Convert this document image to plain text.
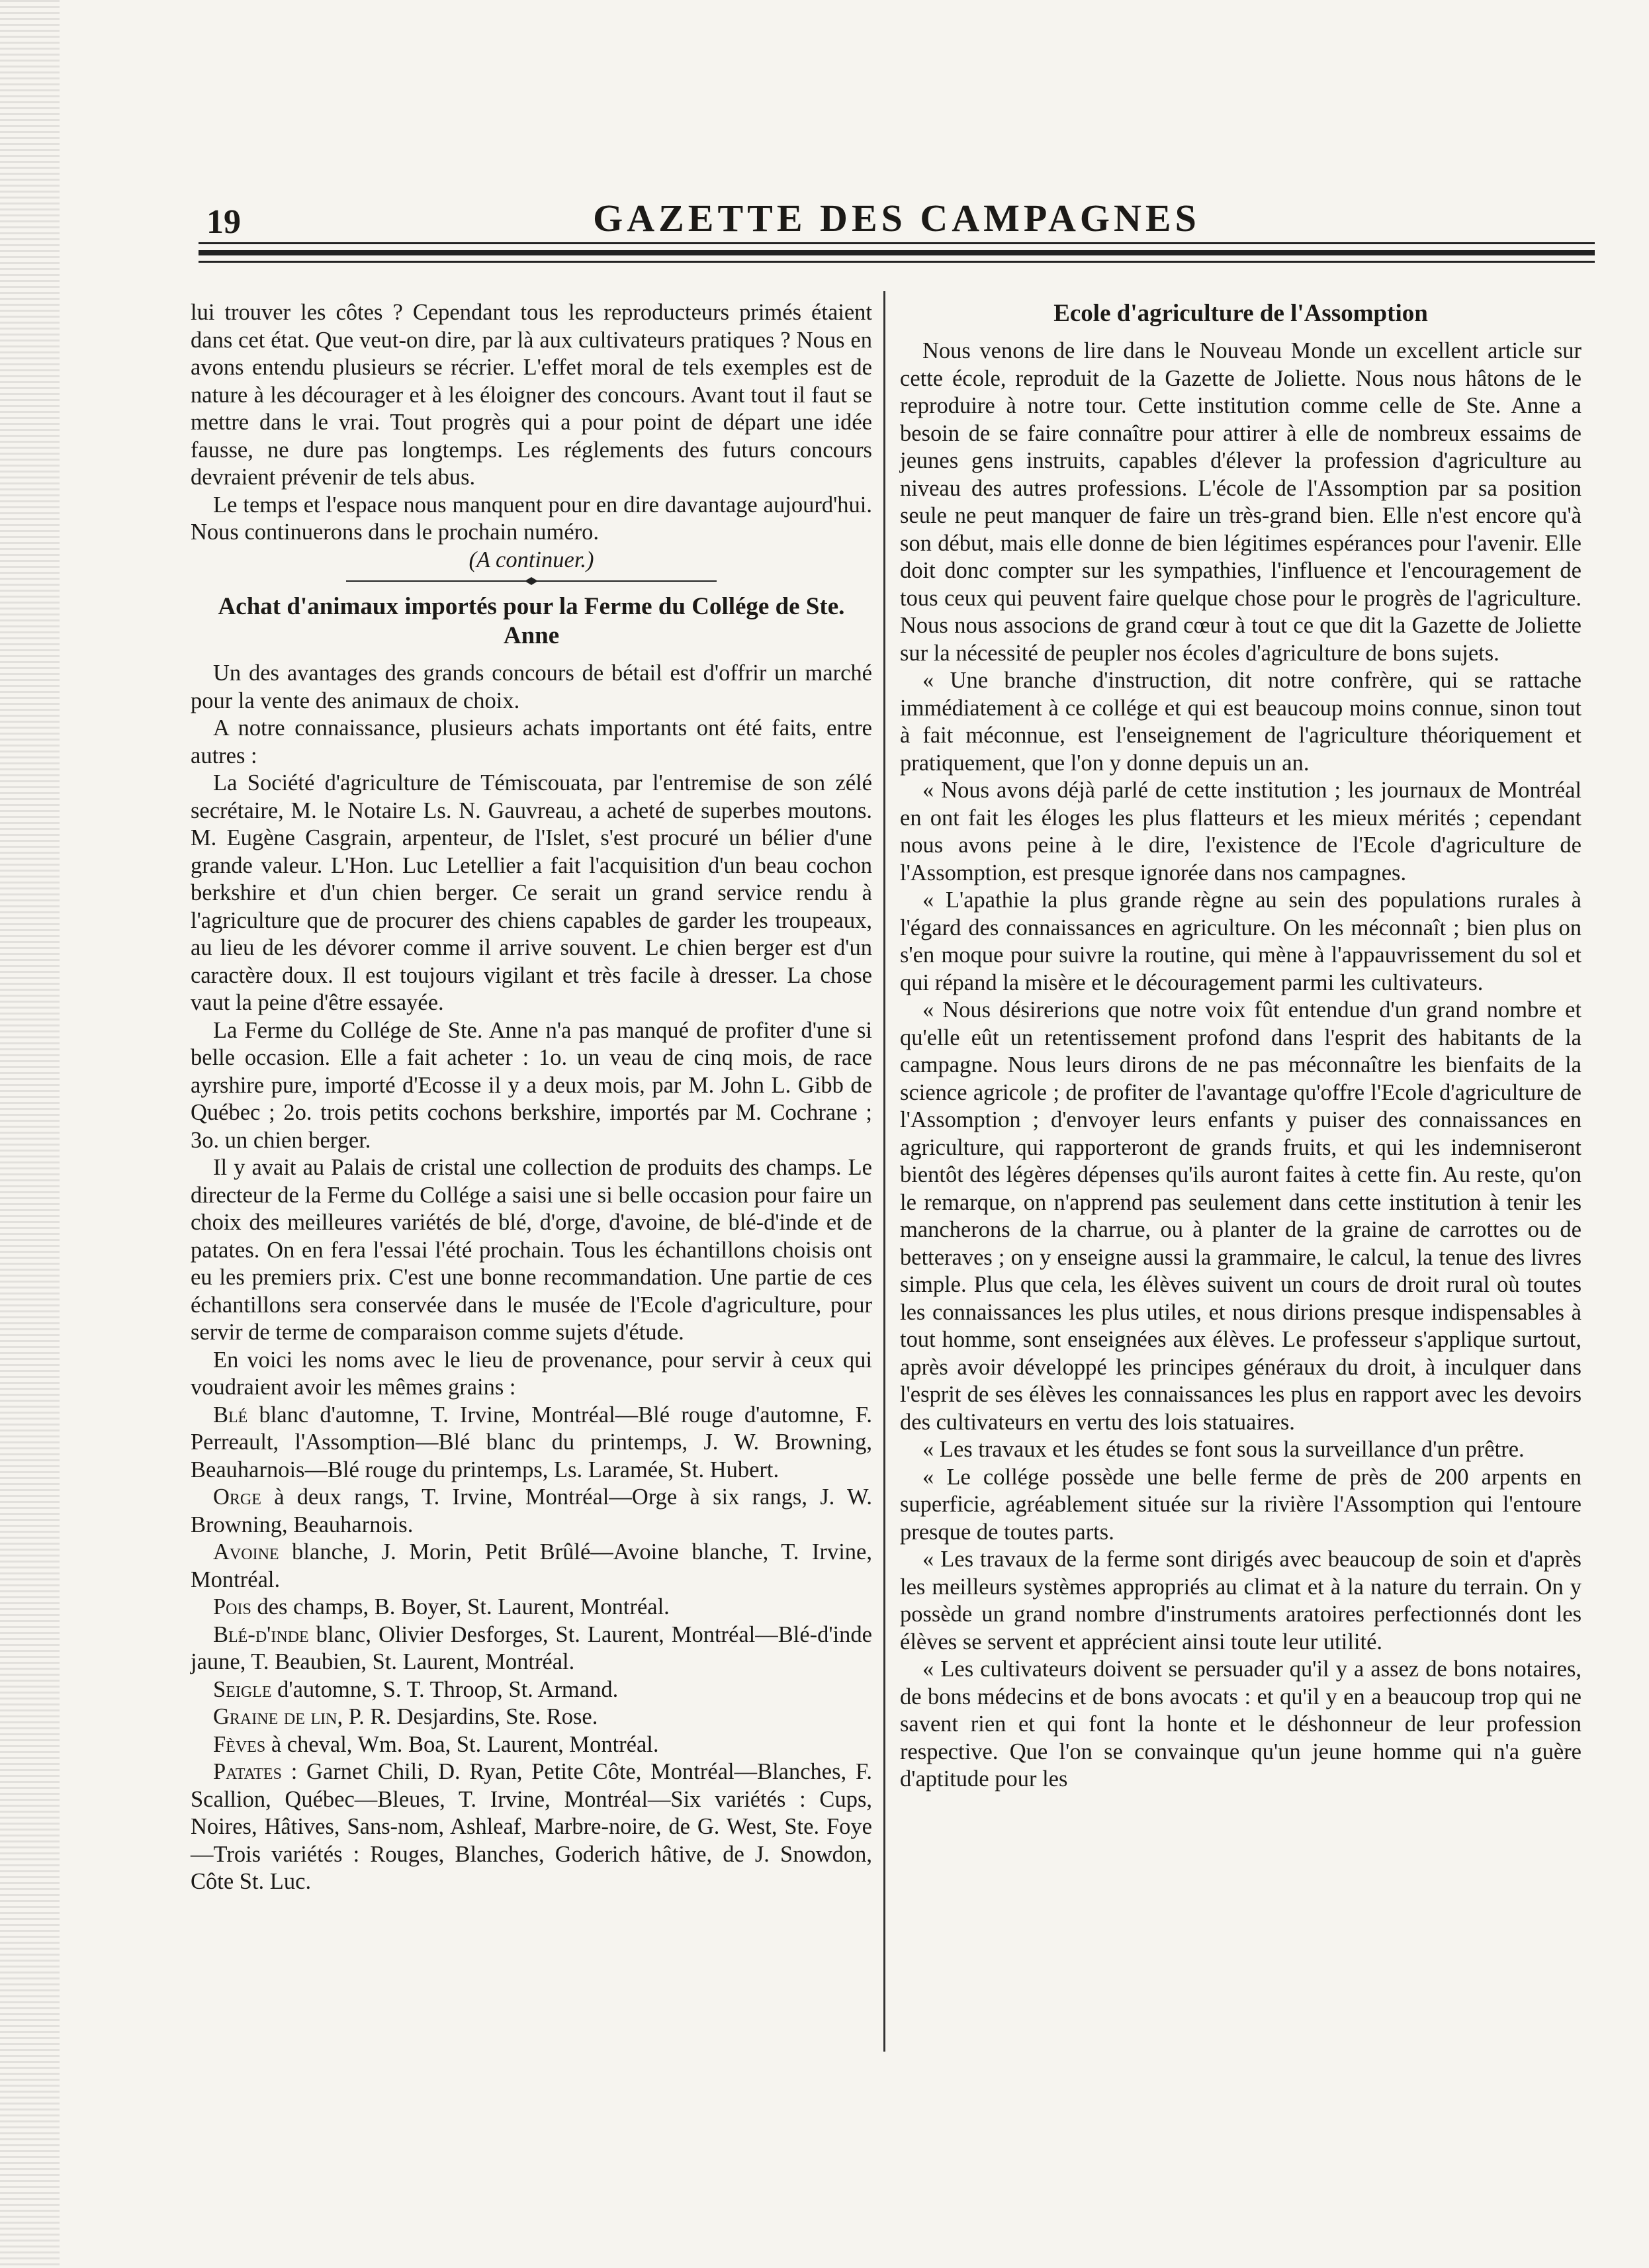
19	GAZETTE DES CAMPAGNES

lui trouver les côtes ? Cependant tous les reproducteurs primés étaient dans cet état. Que veut-on dire, par là aux cultivateurs pratiques ? Nous en avons entendu plusieurs se récrier. L'effet moral de tels exemples est de nature à les décourager et à les éloigner des concours. Avant tout il faut se mettre dans le vrai. Tout progrès qui a pour point de départ une idée fausse, ne dure pas longtemps. Les réglements des futurs concours devraient prévenir de tels abus.

Le temps et l'espace nous manquent pour en dire davantage aujourd'hui. Nous continuerons dans le prochain numéro.

(A continuer.)

Achat d'animaux importés pour la Ferme du Collége de Ste. Anne

Un des avantages des grands concours de bétail est d'offrir un marché pour la vente des animaux de choix.

A notre connaissance, plusieurs achats importants ont été faits, entre autres :

La Société d'agriculture de Témiscouata, par l'entremise de son zélé secrétaire, M. le Notaire Ls. N. Gauvreau, a acheté de superbes moutons. M. Eugène Casgrain, arpenteur, de l'Islet, s'est procuré un bélier d'une grande valeur. L'Hon. Luc Letellier a fait l'acquisition d'un beau cochon berkshire et d'un chien berger. Ce serait un grand service rendu à l'agriculture que de procurer des chiens capables de garder les troupeaux, au lieu de les dévorer comme il arrive souvent. Le chien berger est d'un caractère doux. Il est toujours vigilant et très facile à dresser. La chose vaut la peine d'être essayée.

La Ferme du Collége de Ste. Anne n'a pas manqué de profiter d'une si belle occasion. Elle a fait acheter : 1o. un veau de cinq mois, de race ayrshire pure, importé d'Ecosse il y a deux mois, par M. John L. Gibb de Québec ; 2o. trois petits cochons berkshire, importés par M. Cochrane ; 3o. un chien berger.

Il y avait au Palais de cristal une collection de produits des champs. Le directeur de la Ferme du Collége a saisi une si belle occasion pour faire un choix des meilleures variétés de blé, d'orge, d'avoine, de blé-d'inde et de patates. On en fera l'essai l'été prochain. Tous les échantillons choisis ont eu les premiers prix. C'est une bonne recommandation. Une partie de ces échantillons sera conservée dans le musée de l'Ecole d'agriculture, pour servir de terme de comparaison comme sujets d'étude.

En voici les noms avec le lieu de provenance, pour servir à ceux qui voudraient avoir les mêmes grains :

Blé blanc d'automne, T. Irvine, Montréal—Blé rouge d'automne, F. Perreault, l'Assomption—Blé blanc du printemps, J. W. Browning, Beauharnois—Blé rouge du printemps, Ls. Laramée, St. Hubert.

Orge à deux rangs, T. Irvine, Montréal—Orge à six rangs, J. W. Browning, Beauharnois.

Avoine blanche, J. Morin, Petit Brûlé—Avoine blanche, T. Irvine, Montréal.

Pois des champs, B. Boyer, St. Laurent, Montréal.

Blé-d'inde blanc, Olivier Desforges, St. Laurent, Montréal—Blé-d'inde jaune, T. Beaubien, St. Laurent, Montréal.

Seigle d'automne, S. T. Throop, St. Armand.

Graine de lin, P. R. Desjardins, Ste. Rose.

Fèves à cheval, Wm. Boa, St. Laurent, Montréal.

Patates : Garnet Chili, D. Ryan, Petite Côte, Montréal—Blanches, F. Scallion, Québec—Bleues, T. Irvine, Montréal—Six variétés : Cups, Noires, Hâtives, Sans-nom, Ashleaf, Marbre-noire, de G. West, Ste. Foye—Trois variétés : Rouges, Blanches, Goderich hâtive, de J. Snowdon, Côte St. Luc.

Ecole d'agriculture de l'Assomption

Nous venons de lire dans le Nouveau Monde un excellent article sur cette école, reproduit de la Gazette de Joliette. Nous nous hâtons de le reproduire à notre tour. Cette institution comme celle de Ste. Anne a besoin de se faire connaître pour attirer à elle de nombreux essaims de jeunes gens instruits, capables d'élever la profession d'agriculture au niveau des autres professions. L'école de l'Assomption par sa position seule ne peut manquer de faire un très-grand bien. Elle n'est encore qu'à son début, mais elle donne de bien légitimes espérances pour l'avenir. Elle doit donc compter sur les sympathies, l'influence et l'encouragement de tous ceux qui peuvent faire quelque chose pour le progrès de l'agriculture. Nous nous associons de grand cœur à tout ce que dit la Gazette de Joliette sur la nécessité de peupler nos écoles d'agriculture de bons sujets.

« Une branche d'instruction, dit notre confrère, qui se rattache immédiatement à ce collége et qui est beaucoup moins connue, sinon tout à fait méconnue, est l'enseignement de l'agriculture théoriquement et pratiquement, que l'on y donne depuis un an.

« Nous avons déjà parlé de cette institution ; les journaux de Montréal en ont fait les éloges les plus flatteurs et les mieux mérités ; cependant nous avons peine à le dire, l'existence de l'Ecole d'agriculture de l'Assomption, est presque ignorée dans nos campagnes.

« L'apathie la plus grande règne au sein des populations rurales à l'égard des connaissances en agriculture. On les méconnaît ; bien plus on s'en moque pour suivre la routine, qui mène à l'appauvrissement du sol et qui répand la misère et le découragement parmi les cultivateurs.

« Nous désirerions que notre voix fût entendue d'un grand nombre et qu'elle eût un retentissement profond dans l'esprit des habitants de la campagne. Nous leurs dirons de ne pas méconnaître les bienfaits de la science agricole ; de profiter de l'avantage qu'offre l'Ecole d'agriculture de l'Assomption ; d'envoyer leurs enfants y puiser des connaissances en agriculture, qui rapporteront de grands fruits, et qui les indemniseront bientôt des légères dépenses qu'ils auront faites à cette fin. Au reste, qu'on le remarque, on n'apprend pas seulement dans cette institution à tenir les mancherons de la charrue, ou à planter de la graine de carrottes ou de betteraves ; on y enseigne aussi la grammaire, le calcul, la tenue des livres simple. Plus que cela, les élèves suivent un cours de droit rural où toutes les connaissances les plus utiles, et nous dirions presque indispensables à tout homme, sont enseignées aux élèves. Le professeur s'applique surtout, après avoir développé les principes généraux du droit, à inculquer dans l'esprit de ses élèves les connaissances les plus en rapport avec les devoirs des cultivateurs en vertu des lois statuaires.

« Les travaux et les études se font sous la surveillance d'un prêtre.

« Le collége possède une belle ferme de près de 200 arpents en superficie, agréablement située sur la rivière l'Assomption qui l'entoure presque de toutes parts.

« Les travaux de la ferme sont dirigés avec beaucoup de soin et d'après les meilleurs systèmes appropriés au climat et à la nature du terrain. On y possède un grand nombre d'instruments aratoires perfectionnés dont les élèves se servent et apprécient ainsi toute leur utilité.

« Les cultivateurs doivent se persuader qu'il y a assez de bons notaires, de bons médecins et de bons avocats : et qu'il y en a beaucoup trop qui ne savent rien et qui font la honte et le déshonneur de leur profession respective. Que l'on se convainque qu'un jeune homme qui n'a guère d'aptitude pour les
